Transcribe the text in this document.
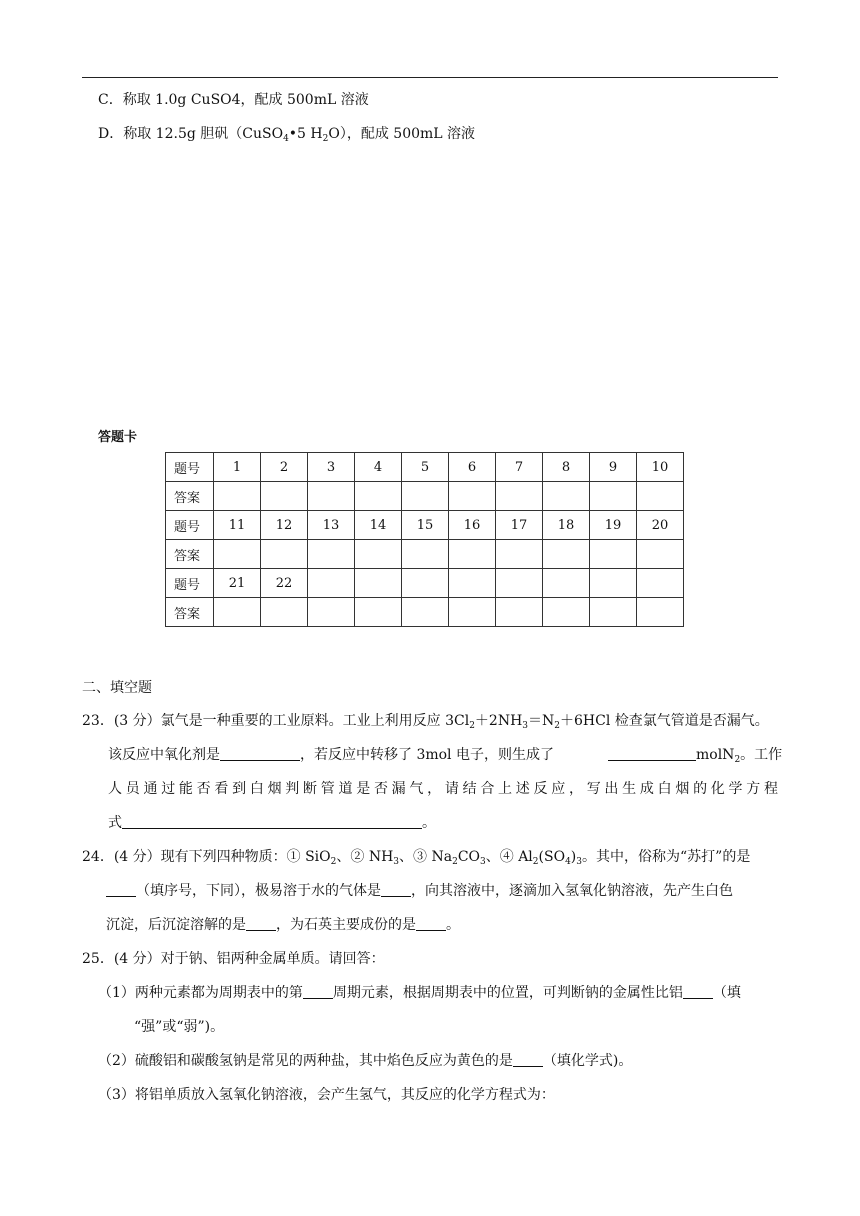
C．称取 1.0g CuSO4，配成 500mL 溶液
D．称取 12.5g 胆矾（CuSO$_4$•5 $H_2O$），配成 500mL 溶液
答题卡
题号	1	2	3	4	5	6	7	8	9	10
答案										
题号	11	12	13	14	15	16	17	18	19	20
答案										
题号	21	22								
答案										
二、填空题
23．(3 分）氯气是一种重要的工业原料。工业上利用反应 $3Cl_2+2NH_3=N_2+6HCl$ 检查氯气管道是否漏气。
该反应中氧化剂是	，若反应中转移了 3mol 电子，则生成了	molN$_2$。工作
人员通过能否看到白烟判断管道是否漏气，请结合上述反应，写出生成白烟的化学方程
式	。
24．(4 分）现有下列四种物质：① SiO$_2$、② $NH_3$、③ $Na_2CO_3$、④ $Al_2(SO_4)_3$。其中，俗称为“苏打”的是
（填序号，下同），极易溶于水的气体是 ，向其溶液中，逐滴加入氢氧化钠溶液，先产生白色
沉淀，后沉淀溶解的是 ，为石英主要成份的是 。
25．(4 分）对于钠、铝两种金属单质。请回答：
（1）两种元素都为周期表中的第 周期元素，根据周期表中的位置，可判断钠的金属性比铝 （填
“强”或“弱”)。
（2）硫酸铝和碳酸氢钠是常见的两种盐，其中焰色反应为黄色的是 （填化学式)。
（3）将铝单质放入氢氧化钠溶液，会产生氢气，其反应的化学方程式为：
